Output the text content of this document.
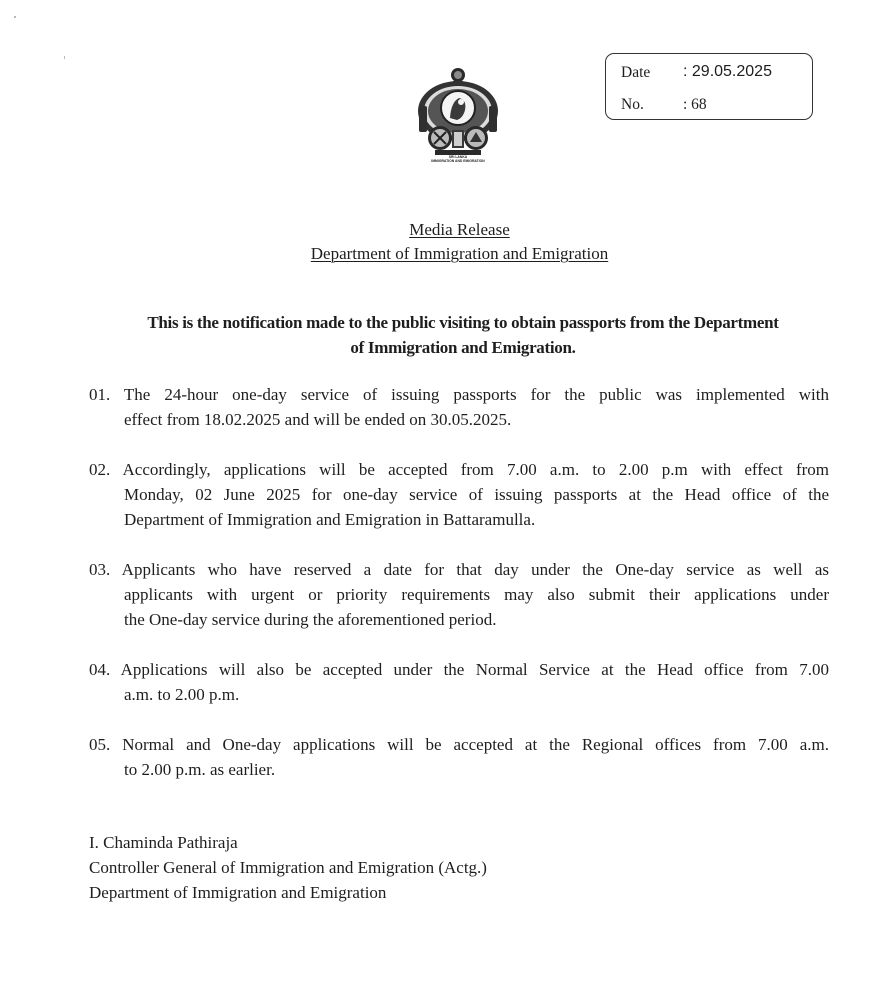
SRI LANKA
IMMIGRATION AND EMIGRATION
Date : 29.05.2025
No.	: 68
Media Release
Department of Immigration and Emigration
This is the notification made to the public visiting to obtain passports from the Department
of Immigration and Emigration.
01. The 24-hour one-day service of issuing passports for the public was implemented with
effect from 18.02.2025 and will be ended on 30.05.2025.
02. Accordingly, applications will be accepted from 7.00 a.m. to 2.00 p.m with effect from
Monday, 02 June 2025 for one-day service of issuing passports at the Head office of the
Department of Immigration and Emigration in Battaramulla.
03. Applicants who have reserved a date for that day under the One-day service as well as
applicants with urgent or priority requirements may also submit their applications under
the One-day service during the aforementioned period.
04. Applications will also be accepted under the Normal Service at the Head office from 7.00
a.m. to 2.00 p.m.
05. Normal and One-day applications will be accepted at the Regional offices from 7.00 a.m.
to 2.00 p.m. as earlier.
I. Chaminda Pathiraja
Controller General of Immigration and Emigration (Actg.)
Department of Immigration and Emigration
